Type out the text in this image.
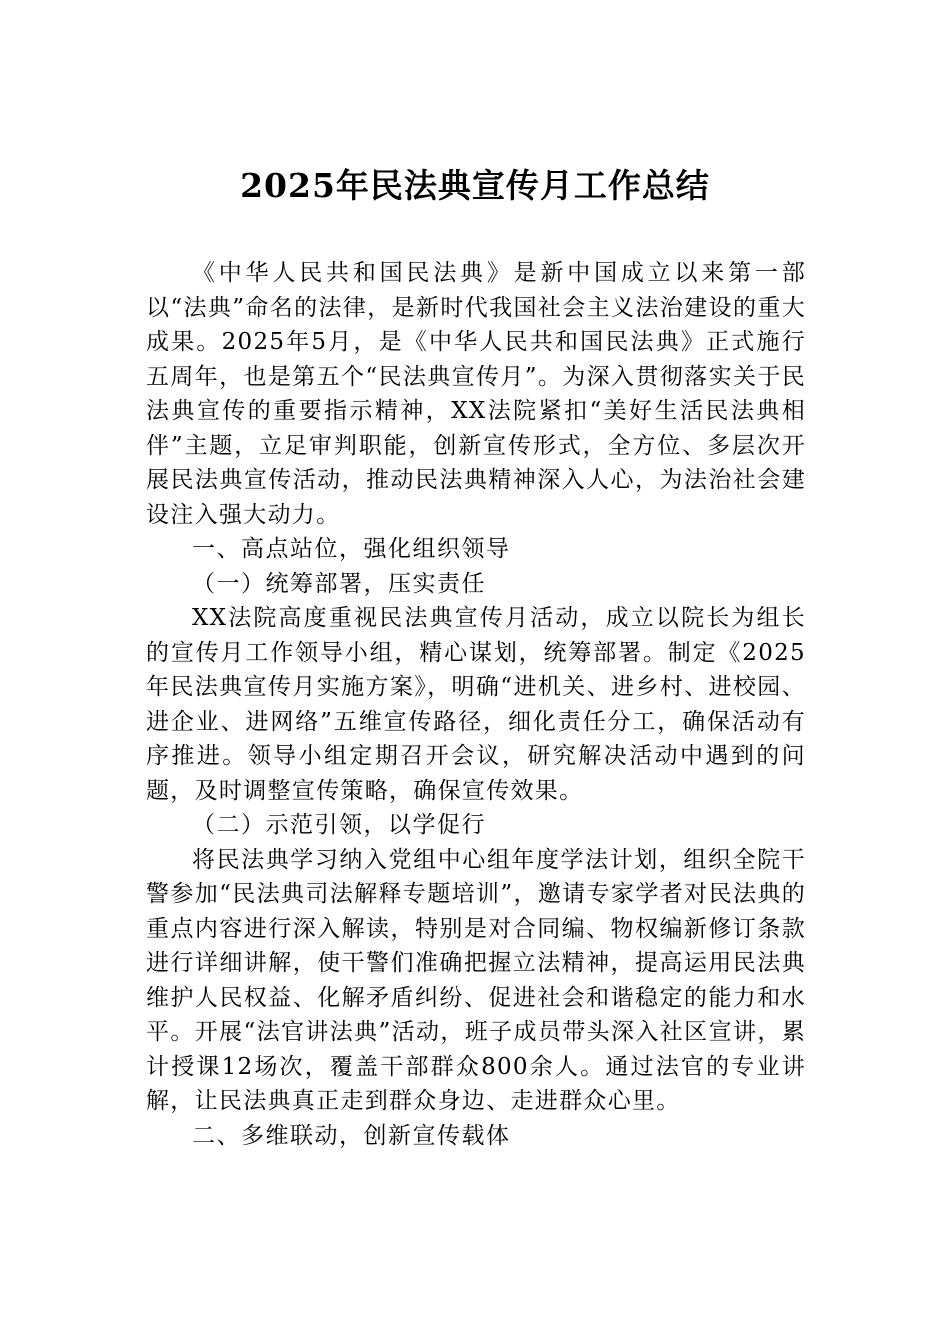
2025年民法典宣传月工作总结

《中华人民共和国民法典》是新中国成立以来第一部以“法典”命名的法律，是新时代我国社会主义法治建设的重大成果。2025年5月，是《中华人民共和国民法典》正式施行五周年，也是第五个“民法典宣传月”。为深入贯彻落实关于民法典宣传的重要指示精神，XX法院紧扣“美好生活民法典相伴”主题，立足审判职能，创新宣传形式，全方位、多层次开展民法典宣传活动，推动民法典精神深入人心，为法治社会建设注入强大动力。

一、高点站位，强化组织领导

（一）统筹部署，压实责任

XX法院高度重视民法典宣传月活动，成立以院长为组长的宣传月工作领导小组，精心谋划，统筹部署。制定《2025年民法典宣传月实施方案》，明确“进机关、进乡村、进校园、进企业、进网络”五维宣传路径，细化责任分工，确保活动有序推进。领导小组定期召开会议，研究解决活动中遇到的问题，及时调整宣传策略，确保宣传效果。

（二）示范引领，以学促行

将民法典学习纳入党组中心组年度学法计划，组织全院干警参加“民法典司法解释专题培训”，邀请专家学者对民法典的重点内容进行深入解读，特别是对合同编、物权编新修订条款进行详细讲解，使干警们准确把握立法精神，提高运用民法典维护人民权益、化解矛盾纠纷、促进社会和谐稳定的能力和水平。开展“法官讲法典”活动，班子成员带头深入社区宣讲，累计授课12场次，覆盖干部群众800余人。通过法官的专业讲解，让民法典真正走到群众身边、走进群众心里。

二、多维联动，创新宣传载体
